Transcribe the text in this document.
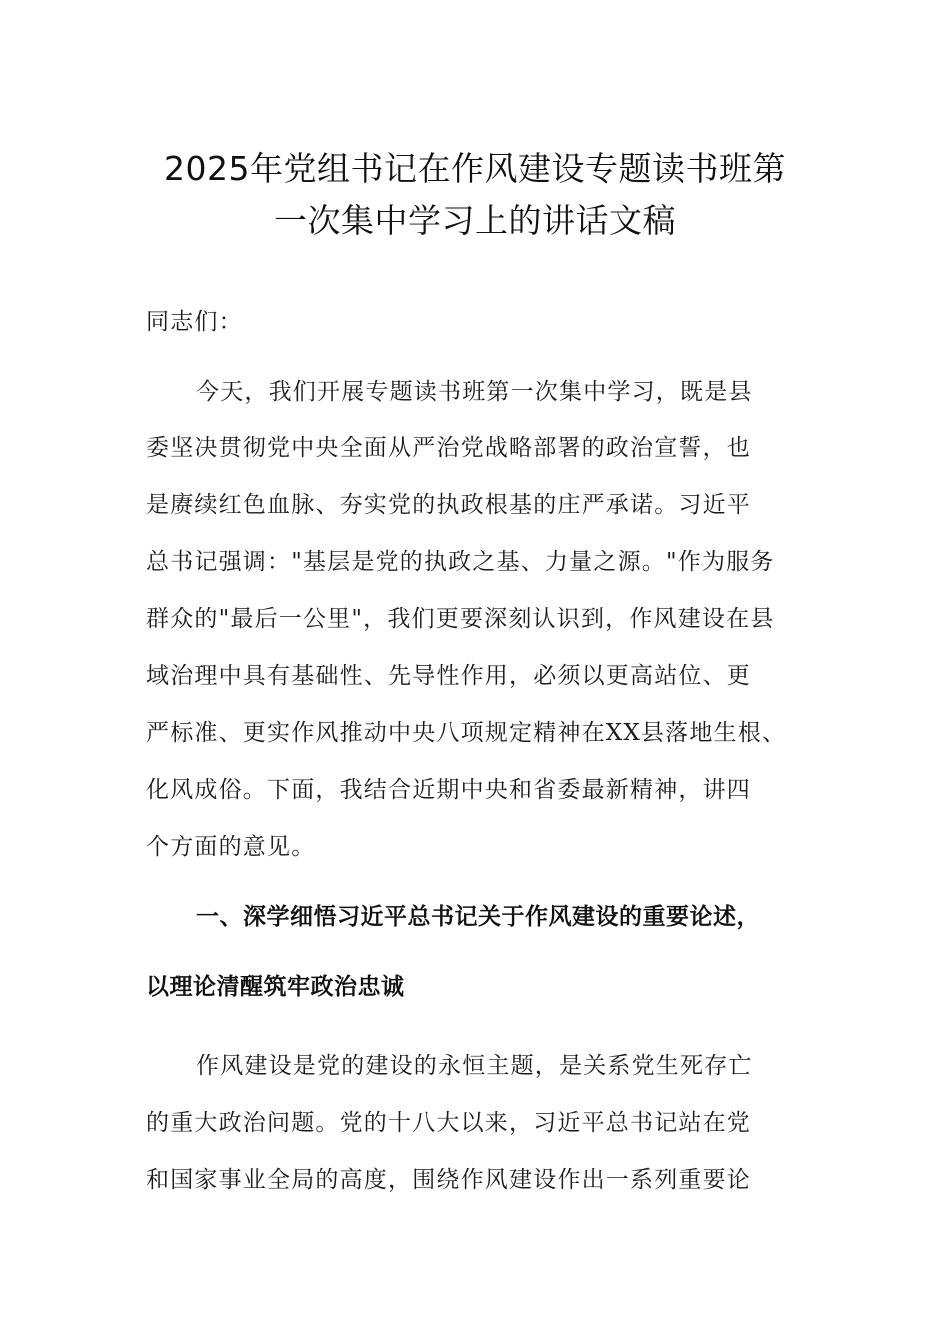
2025年党组书记在作风建设专题读书班第
一次集中学习上的讲话文稿
同志们：
今天，我们开展专题读书班第一次集中学习，既是县
委坚决贯彻党中央全面从严治党战略部署的政治宣誓，也
是赓续红色血脉、夯实党的执政根基的庄严承诺。习近平
总书记强调："基层是党的执政之基、力量之源。"作为服务
群众的"最后一公里"，我们更要深刻认识到，作风建设在县
域治理中具有基础性、先导性作用，必须以更高站位、更
严标准、更实作风推动中央八项规定精神在XX县落地生根、
化风成俗。下面，我结合近期中央和省委最新精神，讲四
个方面的意见。
一、深学细悟习近平总书记关于作风建设的重要论述，
以理论清醒筑牢政治忠诚
作风建设是党的建设的永恒主题，是关系党生死存亡
的重大政治问题。党的十八大以来，习近平总书记站在党
和国家事业全局的高度，围绕作风建设作出一系列重要论
